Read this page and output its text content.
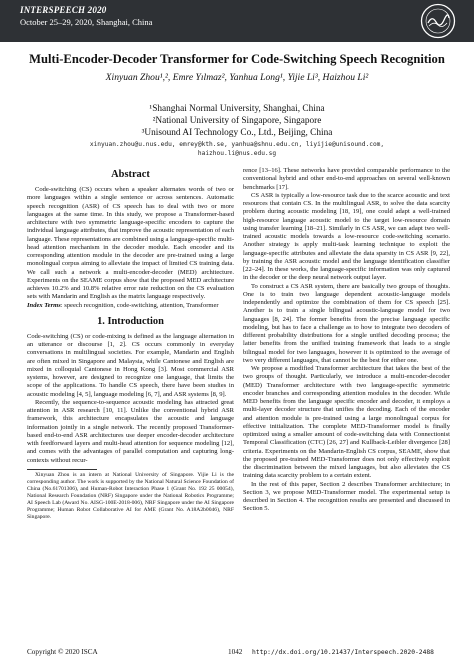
INTERSPEECH 2020
October 25–29, 2020, Shanghai, China
Multi-Encoder-Decoder Transformer for Code-Switching Speech Recognition
Xinyuan Zhou¹,², Emre Yılmaz², Yanhua Long¹, Yijie Li³, Haizhou Li²
¹Shanghai Normal University, Shanghai, China
²National University of Singapore, Singapore
³Unisound AI Technology Co., Ltd., Beijing, China
xinyuan.zhou@u.nus.edu, emrey@kth.se, yanhua@shnu.edu.cn, liyijie@unisound.com,
haizhou.li@nus.edu.sg
Abstract

Code-switching (CS) occurs when a speaker alternates words of two or more languages within a single sentence or across sentences. Automatic speech recognition (ASR) of CS speech has to deal with two or more languages at the same time. In this study, we propose a Transformer-based architecture with two symmetric language-specific encoders to capture the individual language attributes, that improve the acoustic representation of each language. These representations are combined using a language-specific multi-head attention mechanism in the decoder module. Each encoder and its corresponding attention module in the decoder are pre-trained using a large monolingual corpus aiming to alleviate the impact of limited CS training data. We call such a network a multi-encoder-decoder (MED) architecture. Experiments on the SEAME corpus show that the proposed MED architecture achieves 10.2% and 10.8% relative error rate reduction on the CS evaluation sets with Mandarin and English as the matrix language respectively.

Index Terms: speech recognition, code-switching, attention, Transformer

1. Introduction

Code-switching (CS) or code-mixing is defined as the language alternation in an utterance or discourse [1, 2]. CS occurs commonly in everyday conversations in multilingual societies. For example, Mandarin and English are often mixed in Singapore and Malaysia, while Cantonese and English are mixed in colloquial Cantonese in Hong Kong [3]. Most commercial ASR systems, however, are designed to recognize one language, that limits the scope of the applications. To handle CS speech, there have been studies in acoustic modeling [4, 5], language modeling [6, 7], and ASR systems [8, 9].

Recently, the sequence-to-sequence acoustic modeling has attracted great attention in ASR research [10, 11]. Unlike the conventional hybrid ASR framework, this architecture encapsulates the acoustic and language information jointly in a single network. The recently proposed Transformer-based end-to-end ASR architectures use deeper encoder-decoder architecture with feedforward layers and multi-head attention for sequence modeling [12], and comes with the advantages of parallel computation and capturing long-contexts without recur-

Xinyuan Zhou is an intern at National University of Singapore. Yijie Li is the corresponding author. The work is supported by the National Natural Science Foundation of China (No.61701306), and Human-Robot Interaction Phase 1 (Grant No. 192 25 00054), National Research Foundation (NRF) Singapore under the National Robotics Programme; AI Speech Lab (Award No. AISG-100E-2018-006), NRF Singapore under the AI Singapore Programme; Human Robot Collaborative AI for AME (Grant No. A18A2b0046), NRF Singapore.

rence [13–16]. These networks have provided comparable performance to the conventional hybrid and other end-to-end approaches on several well-known benchmarks [17].

CS ASR is typically a low-resource task due to the scarce acoustic and text resources that contain CS. In the multilingual ASR, to solve the data scarcity problem during acoustic modeling [18, 19], one could adapt a well-trained high-resource language acoustic model to the target low-resource domain using transfer learning [18–21]. Similarly in CS ASR, we can adapt two well-trained acoustic models towards a low-resource code-switching scenario. Another strategy is apply multi-task learning technique to exploit the language-specific attributes and alleviate the data sparsity in CS ASR [9, 22], by training the ASR acoustic model and the language identification classifier [22–24]. In these works, the language-specific information was only captured in the decoder or the deep neural network output layer.

To construct a CS ASR system, there are basically two groups of thoughts. One is to train two language dependent acoustic-language models independently and optimize the combination of them for CS speech [25]. Another is to train a single bilingual acoustic-language model for two languages [8, 24]. The former benefits from the precise language specific modeling, but has to face a challenge as to how to integrate two decoders of different probability distributions for a single unified decoding process; the latter benefits from the unified training framework that leads to a single bilingual model for two languages, however it is optimized to the average of two very different languages, that cannot be the best for either one.

We propose a modified Transformer architecture that takes the best of the two groups of thought. Particularly, we introduce a multi-encoder-decoder (MED) Transformer architecture with two language-specific symmetric encoder branches and corresponding attention modules in the decoder. While MED benefits from the language specific encoder and decoder, it employs a multi-layer decoder structure that unifies the decoding. Each of the encoder and attention module is pre-trained using a large monolingual corpus for effective initialization. The complete MED-Transformer model is finally optimized using a smaller amount of code-switching data with Connectionist Temporal Classification (CTC) [26, 27] and Kullback-Leibler divergence [28] criteria. Experiments on the Mandarin-English CS corpus, SEAME, show that the proposed pre-trained MED-Transformer does not only effectively exploit the discrimination between the mixed languages, but also alleviates the CS training data scarcity problem to a certain extent.

In the rest of this paper, Section 2 describes Transformer architecture; in Section 3, we propose MED-Transformer model. The experimental setup is described in Section 4. The recognition results are presented and discussed in Section 5.

Copyright © 2020 ISCA	1042 http://dx.doi.org/10.21437/Interspeech.2020-2488
